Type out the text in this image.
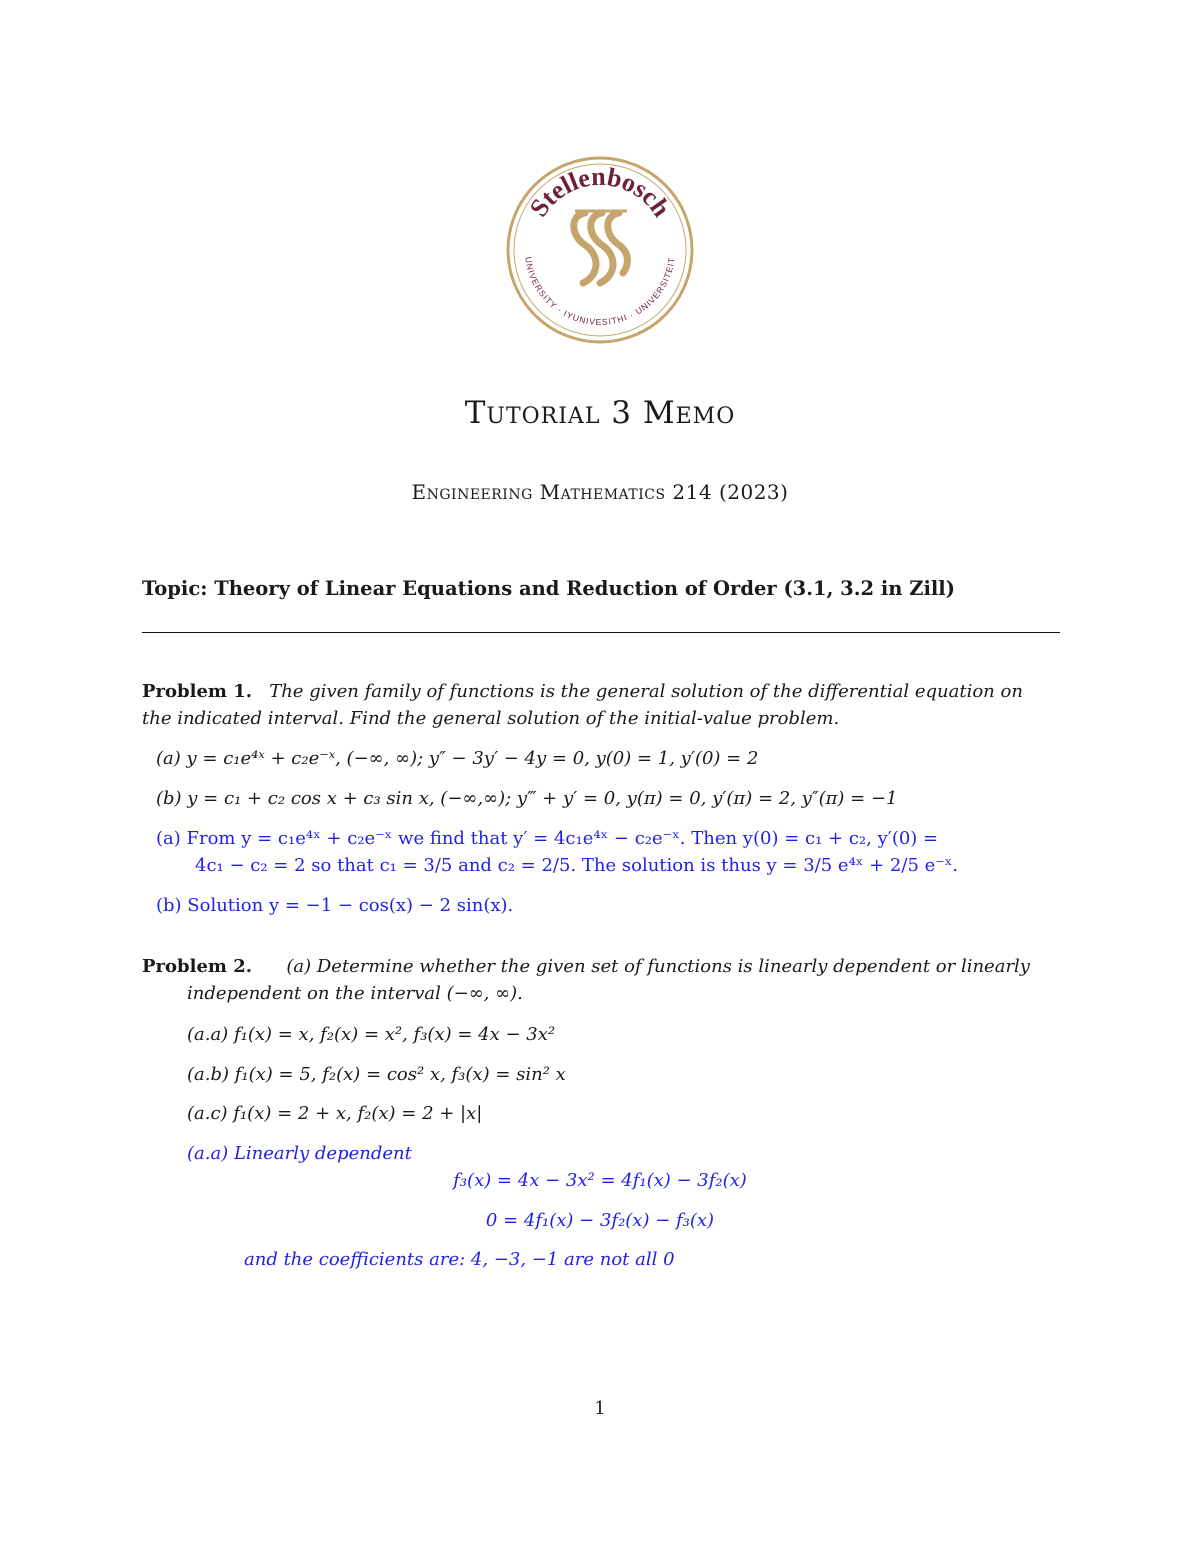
Stellenbosch
UNIVERSITY · IYUNIVESITHI · UNIVERSITEIT
Tutorial 3 Memo
Engineering Mathematics 214 (2023)
Topic: Theory of Linear Equations and Reduction of Order (3.1, 3.2 in Zill)
Problem 1. The given family of functions is the general solution of the differential equation on
the indicated interval. Find the general solution of the initial-value problem.
(a) y = c₁e⁴ˣ + c₂e⁻ˣ, (−∞, ∞); y″ − 3y′ − 4y = 0, y(0) = 1, y′(0) = 2
(b) y = c₁ + c₂ cos x + c₃ sin x, (−∞,∞); y‴ + y′ = 0, y(π) = 0, y′(π) = 2, y″(π) = −1
(a) From y = c₁e⁴ˣ + c₂e⁻ˣ we find that y′ = 4c₁e⁴ˣ − c₂e⁻ˣ. Then y(0) = c₁ + c₂, y′(0) =
4c₁ − c₂ = 2 so that c₁ = 3/5 and c₂ = 2/5. The solution is thus y = 3/5 e⁴ˣ + 2/5 e⁻ˣ.
(b) Solution y = −1 − cos(x) − 2 sin(x).
Problem 2. (a) Determine whether the given set of functions is linearly dependent or linearly
independent on the interval (−∞, ∞).
(a.a) f₁(x) = x, f₂(x) = x², f₃(x) = 4x − 3x²
(a.b) f₁(x) = 5, f₂(x) = cos² x, f₃(x) = sin² x
(a.c) f₁(x) = 2 + x, f₂(x) = 2 + |x|
(a.a) Linearly dependent
f₃(x) = 4x − 3x² = 4f₁(x) − 3f₂(x)
0 = 4f₁(x) − 3f₂(x) − f₃(x)
and the coefficients are: 4, −3, −1 are not all 0
1
